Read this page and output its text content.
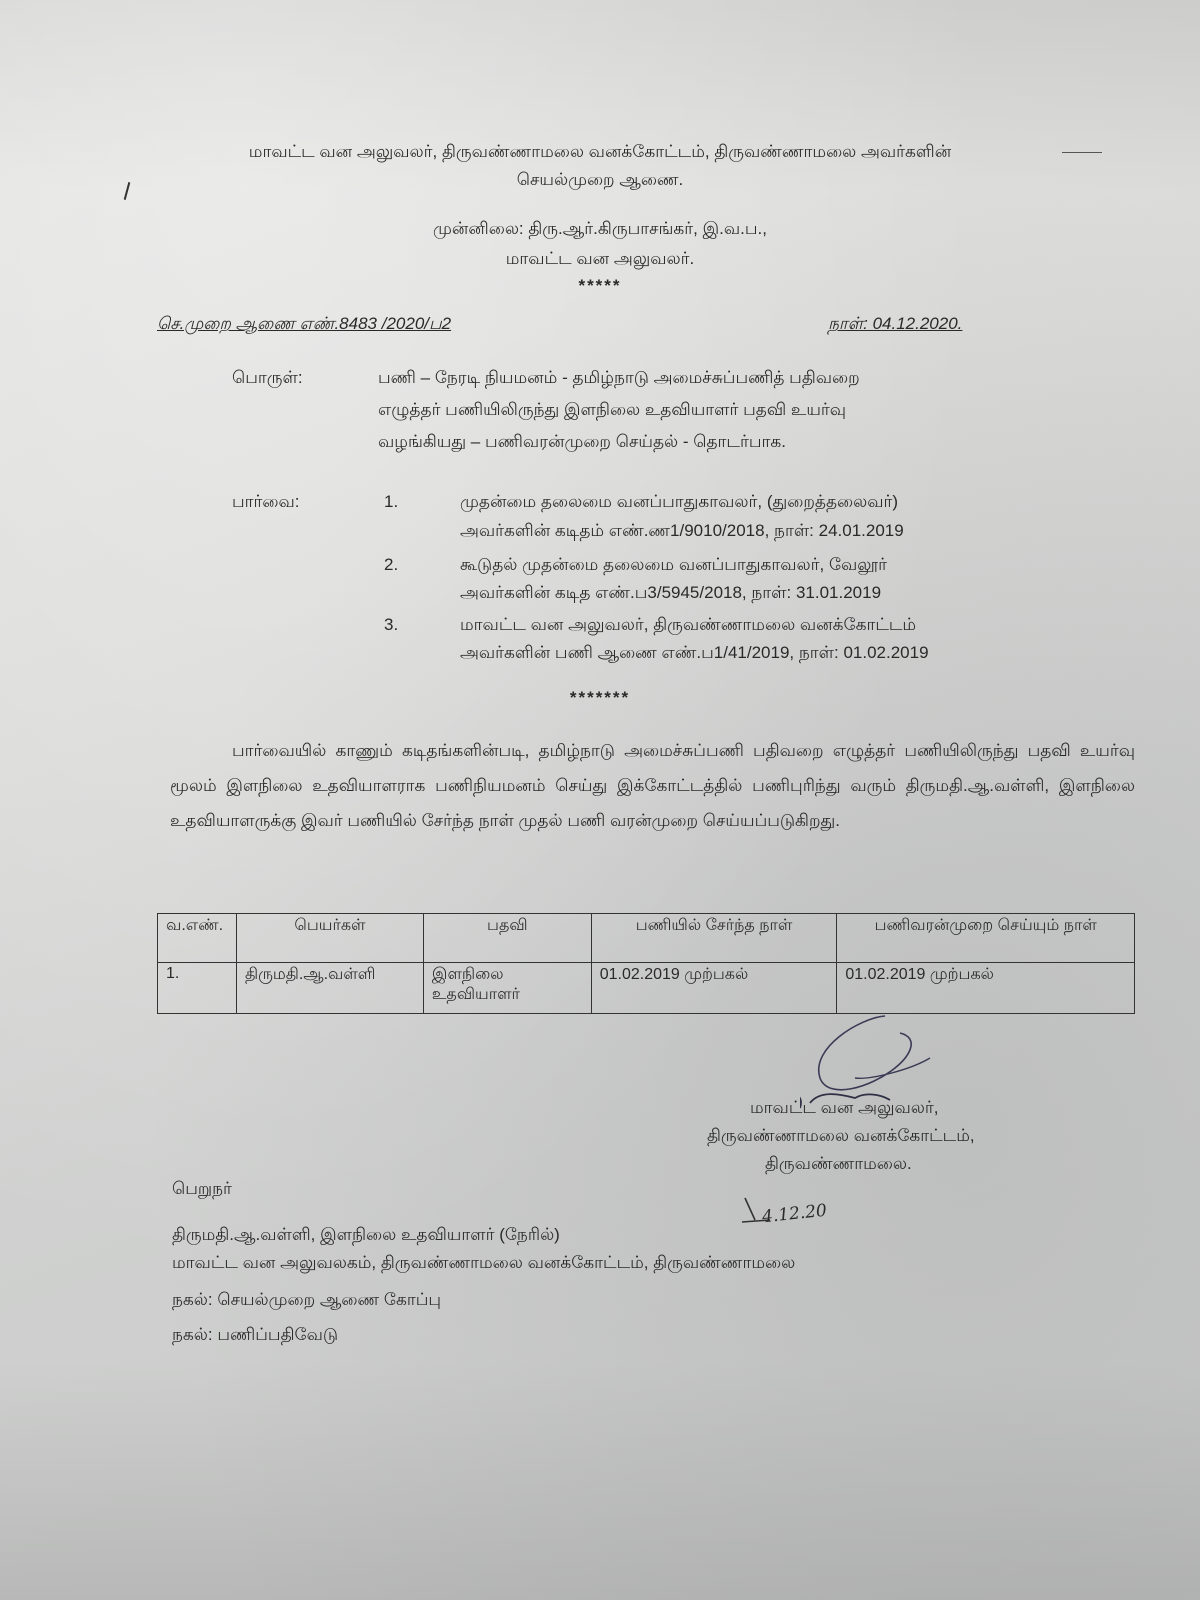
மாவட்ட வன அலுவலர், திருவண்ணாமலை வனக்கோட்டம், திருவண்ணாமலை அவர்களின்
செயல்முறை ஆணை.
முன்னிலை: திரு.ஆர்.கிருபாசங்கர், இ.வ.ப.,
மாவட்ட வன அலுவலர்.
*****
செ.முறை ஆணை எண்.8483 /2020/ப2	நாள்: 04.12.2020.
பொருள்:	பணி – நேரடி நியமனம் - தமிழ்நாடு அமைச்சுப்பணித் பதிவறை
எழுத்தர் பணியிலிருந்து இளநிலை உதவியாளர் பதவி உயர்வு
வழங்கியது – பணிவரன்முறை செய்தல் - தொடர்பாக.
பார்வை:	1.	முதன்மை தலைமை வனப்பாதுகாவலர், (துறைத்தலைவர்)
அவர்களின் கடிதம் எண்.ண1/9010/2018, நாள்: 24.01.2019
2.	கூடுதல் முதன்மை தலைமை வனப்பாதுகாவலர், வேலூர்
அவர்களின் கடித எண்.ப3/5945/2018, நாள்: 31.01.2019
3.	மாவட்ட வன அலுவலர், திருவண்ணாமலை வனக்கோட்டம்
அவர்களின் பணி ஆணை எண்.ப1/41/2019, நாள்: 01.02.2019
*******
பார்வையில் காணும் கடிதங்களின்படி, தமிழ்நாடு அமைச்சுப்பணி பதிவறை எழுத்தர் பணியிலிருந்து பதவி உயர்வு மூலம் இளநிலை உதவியாளராக பணிநியமனம் செய்து இக்கோட்டத்தில் பணிபுரிந்து வரும் திருமதி.ஆ.வள்ளி, இளநிலை உதவியாளருக்கு இவர் பணியில் சேர்ந்த நாள் முதல் பணி வரன்முறை செய்யப்படுகிறது.
வ.எண்.	பெயர்கள்	பதவி	பணியில் சேர்ந்த நாள்	பணிவரன்முறை செய்யும் நாள்
1.	திருமதி.ஆ.வள்ளி	இளநிலை உதவியாளர்	01.02.2019 முற்பகல்	01.02.2019 முற்பகல்
மாவட்ட வன அலுவலர்,
திருவண்ணாமலை வனக்கோட்டம்,
திருவண்ணாமலை.
பெறுநர்
4.12.20
திருமதி.ஆ.வள்ளி, இளநிலை உதவியாளர் (நேரில்)
மாவட்ட வன அலுவலகம், திருவண்ணாமலை வனக்கோட்டம், திருவண்ணாமலை
நகல்: செயல்முறை ஆணை கோப்பு
நகல்: பணிப்பதிவேடு
